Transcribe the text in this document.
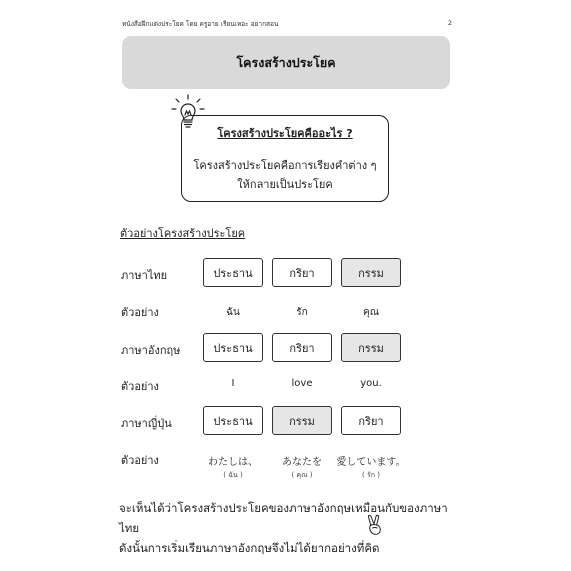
หนังสือฝึกแต่งประโยค โดย ครูอาย เรียนเหอะ อยากสอน	2
โครงสร้างประโยค
โครงสร้างประโยคคืออะไร ?
โครงสร้างประโยคคือการเรียงคำต่าง ๆ
ให้กลายเป็นประโยค
ตัวอย่างโครงสร้างประโยค
ภาษาไทย	ประธาน	กริยา	กรรม
ตัวอย่าง	ฉัน	รัก	คุณ
ภาษาอังกฤษ	ประธาน	กริยา	กรรม
ตัวอย่าง	I	love	you.
ภาษาญี่ปุ่น	ประธาน	กรรม	กริยา
ตัวอย่าง	わたしは、	あなたを	愛しています。
( ฉัน )	( คุณ )	( รัก )
จะเห็นได้ว่าโครงสร้างประโยคของภาษาอังกฤษเหมือนกับของภาษาไทย
ดังนั้นการเริ่มเรียนภาษาอังกฤษจึงไม่ได้ยากอย่างที่คิด
